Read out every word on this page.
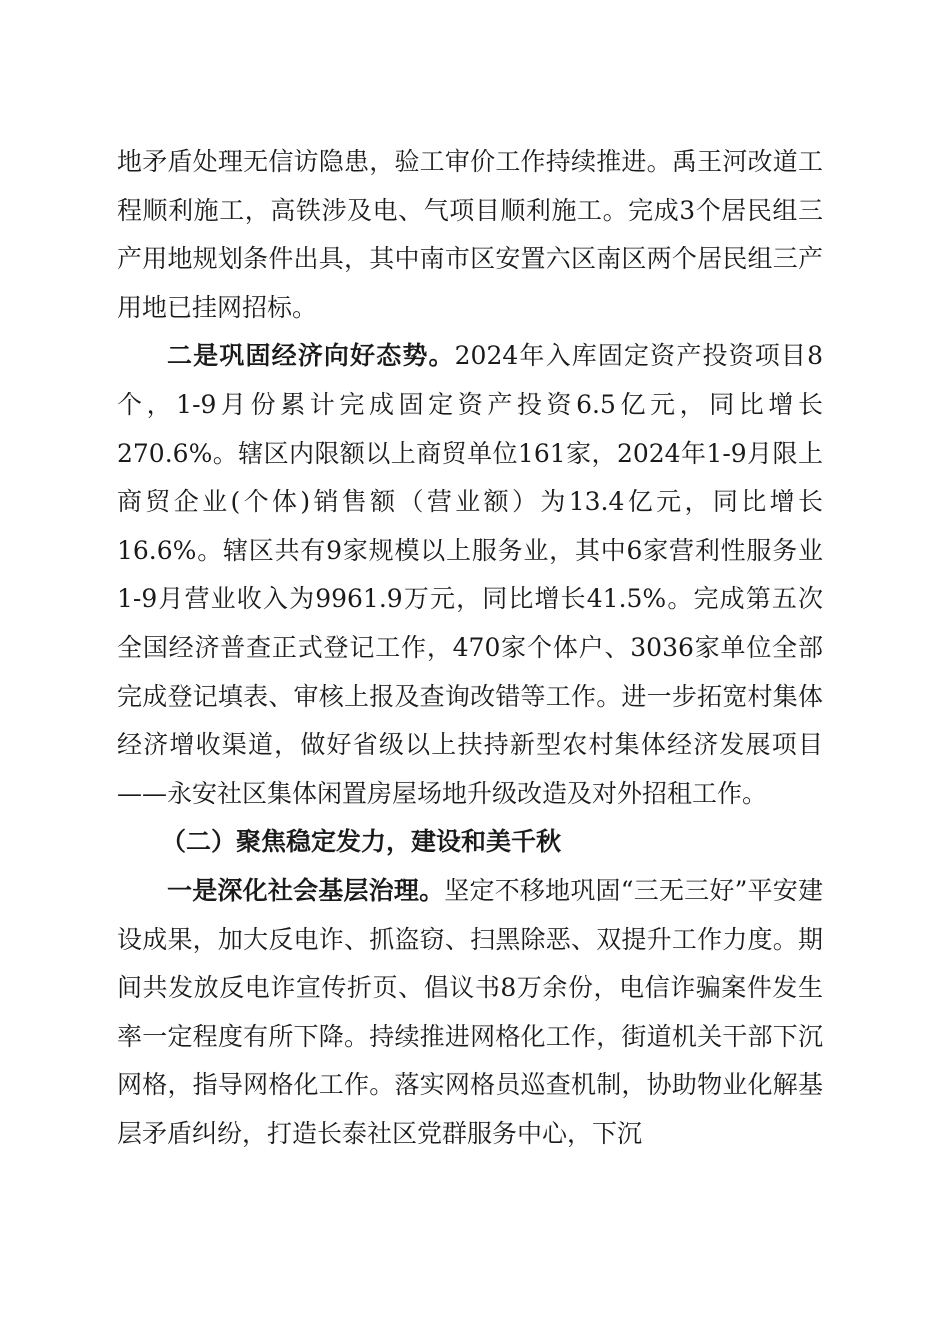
地矛盾处理无信访隐患，验工审价工作持续推进。禹王河改道工程顺利施工，高铁涉及电、气项目顺利施工。完成3个居民组三产用地规划条件出具，其中南市区安置六区南区两个居民组三产用地已挂网招标。

二是巩固经济向好态势。2024年入库固定资产投资项目8个，1-9月份累计完成固定资产投资6.5亿元，同比增长270.6%。辖区内限额以上商贸单位161家，2024年1-9月限上商贸企业(个体)销售额（营业额）为13.4亿元，同比增长16.6%。辖区共有9家规模以上服务业，其中6家营利性服务业1-9月营业收入为9961.9万元，同比增长41.5%。完成第五次全国经济普查正式登记工作，470家个体户、3036家单位全部完成登记填表、审核上报及查询改错等工作。进一步拓宽村集体经济增收渠道，做好省级以上扶持新型农村集体经济发展项目——永安社区集体闲置房屋场地升级改造及对外招租工作。

（二）聚焦稳定发力，建设和美千秋

一是深化社会基层治理。坚定不移地巩固“三无三好”平安建设成果，加大反电诈、抓盗窃、扫黑除恶、双提升工作力度。期间共发放反电诈宣传折页、倡议书8万余份，电信诈骗案件发生率一定程度有所下降。持续推进网格化工作，街道机关干部下沉网格，指导网格化工作。落实网格员巡查机制，协助物业化解基层矛盾纠纷，打造长泰社区党群服务中心，下沉
